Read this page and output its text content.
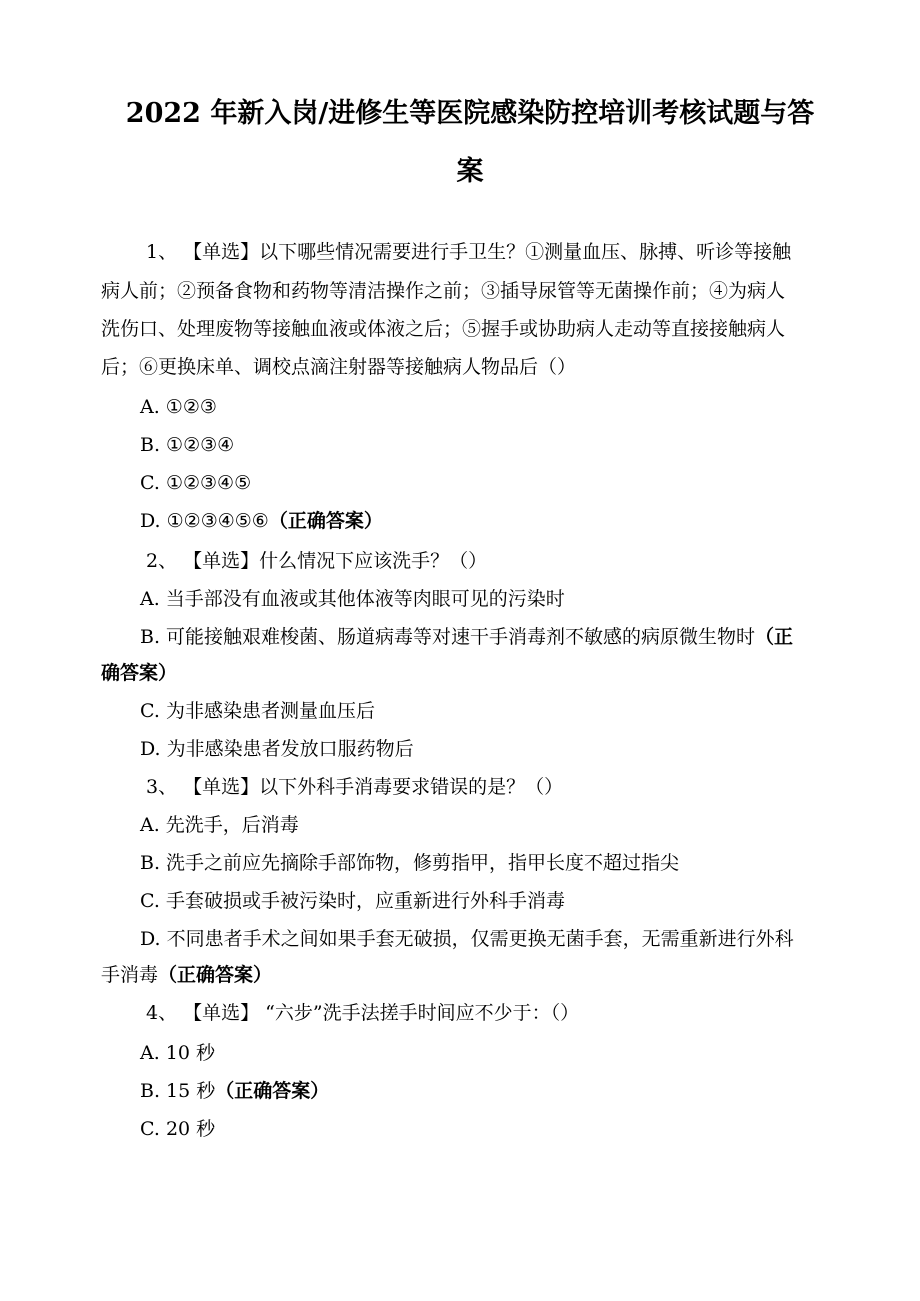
2022 年新入岗/进修生等医院感染防控培训考核试题与答
案

1、 【单选】以下哪些情况需要进行手卫生？①测量血压、脉搏、听诊等接触

病人前；②预备食物和药物等清洁操作之前；③插导尿管等无菌操作前；④为病人

洗伤口、处理废物等接触血液或体液之后；⑤握手或协助病人走动等直接接触病人

后；⑥更换床单、调校点滴注射器等接触病人物品后（）

A. ①②③

B. ①②③④

C. ①②③④⑤

D. ①②③④⑤⑥（正确答案）

2、 【单选】什么情况下应该洗手？（）

A. 当手部没有血液或其他体液等肉眼可见的污染时

B. 可能接触艰难梭菌、肠道病毒等对速干手消毒剂不敏感的病原微生物时（正

确答案）

C. 为非感染患者测量血压后

D. 为非感染患者发放口服药物后

3、 【单选】以下外科手消毒要求错误的是？（）

A. 先洗手，后消毒

B. 洗手之前应先摘除手部饰物，修剪指甲，指甲长度不超过指尖

C. 手套破损或手被污染时，应重新进行外科手消毒

D. 不同患者手术之间如果手套无破损，仅需更换无菌手套，无需重新进行外科

手消毒（正确答案）

4、 【单选】 “六步”洗手法搓手时间应不少于：（）

A. 10 秒

B. 15 秒（正确答案）

C. 20 秒
